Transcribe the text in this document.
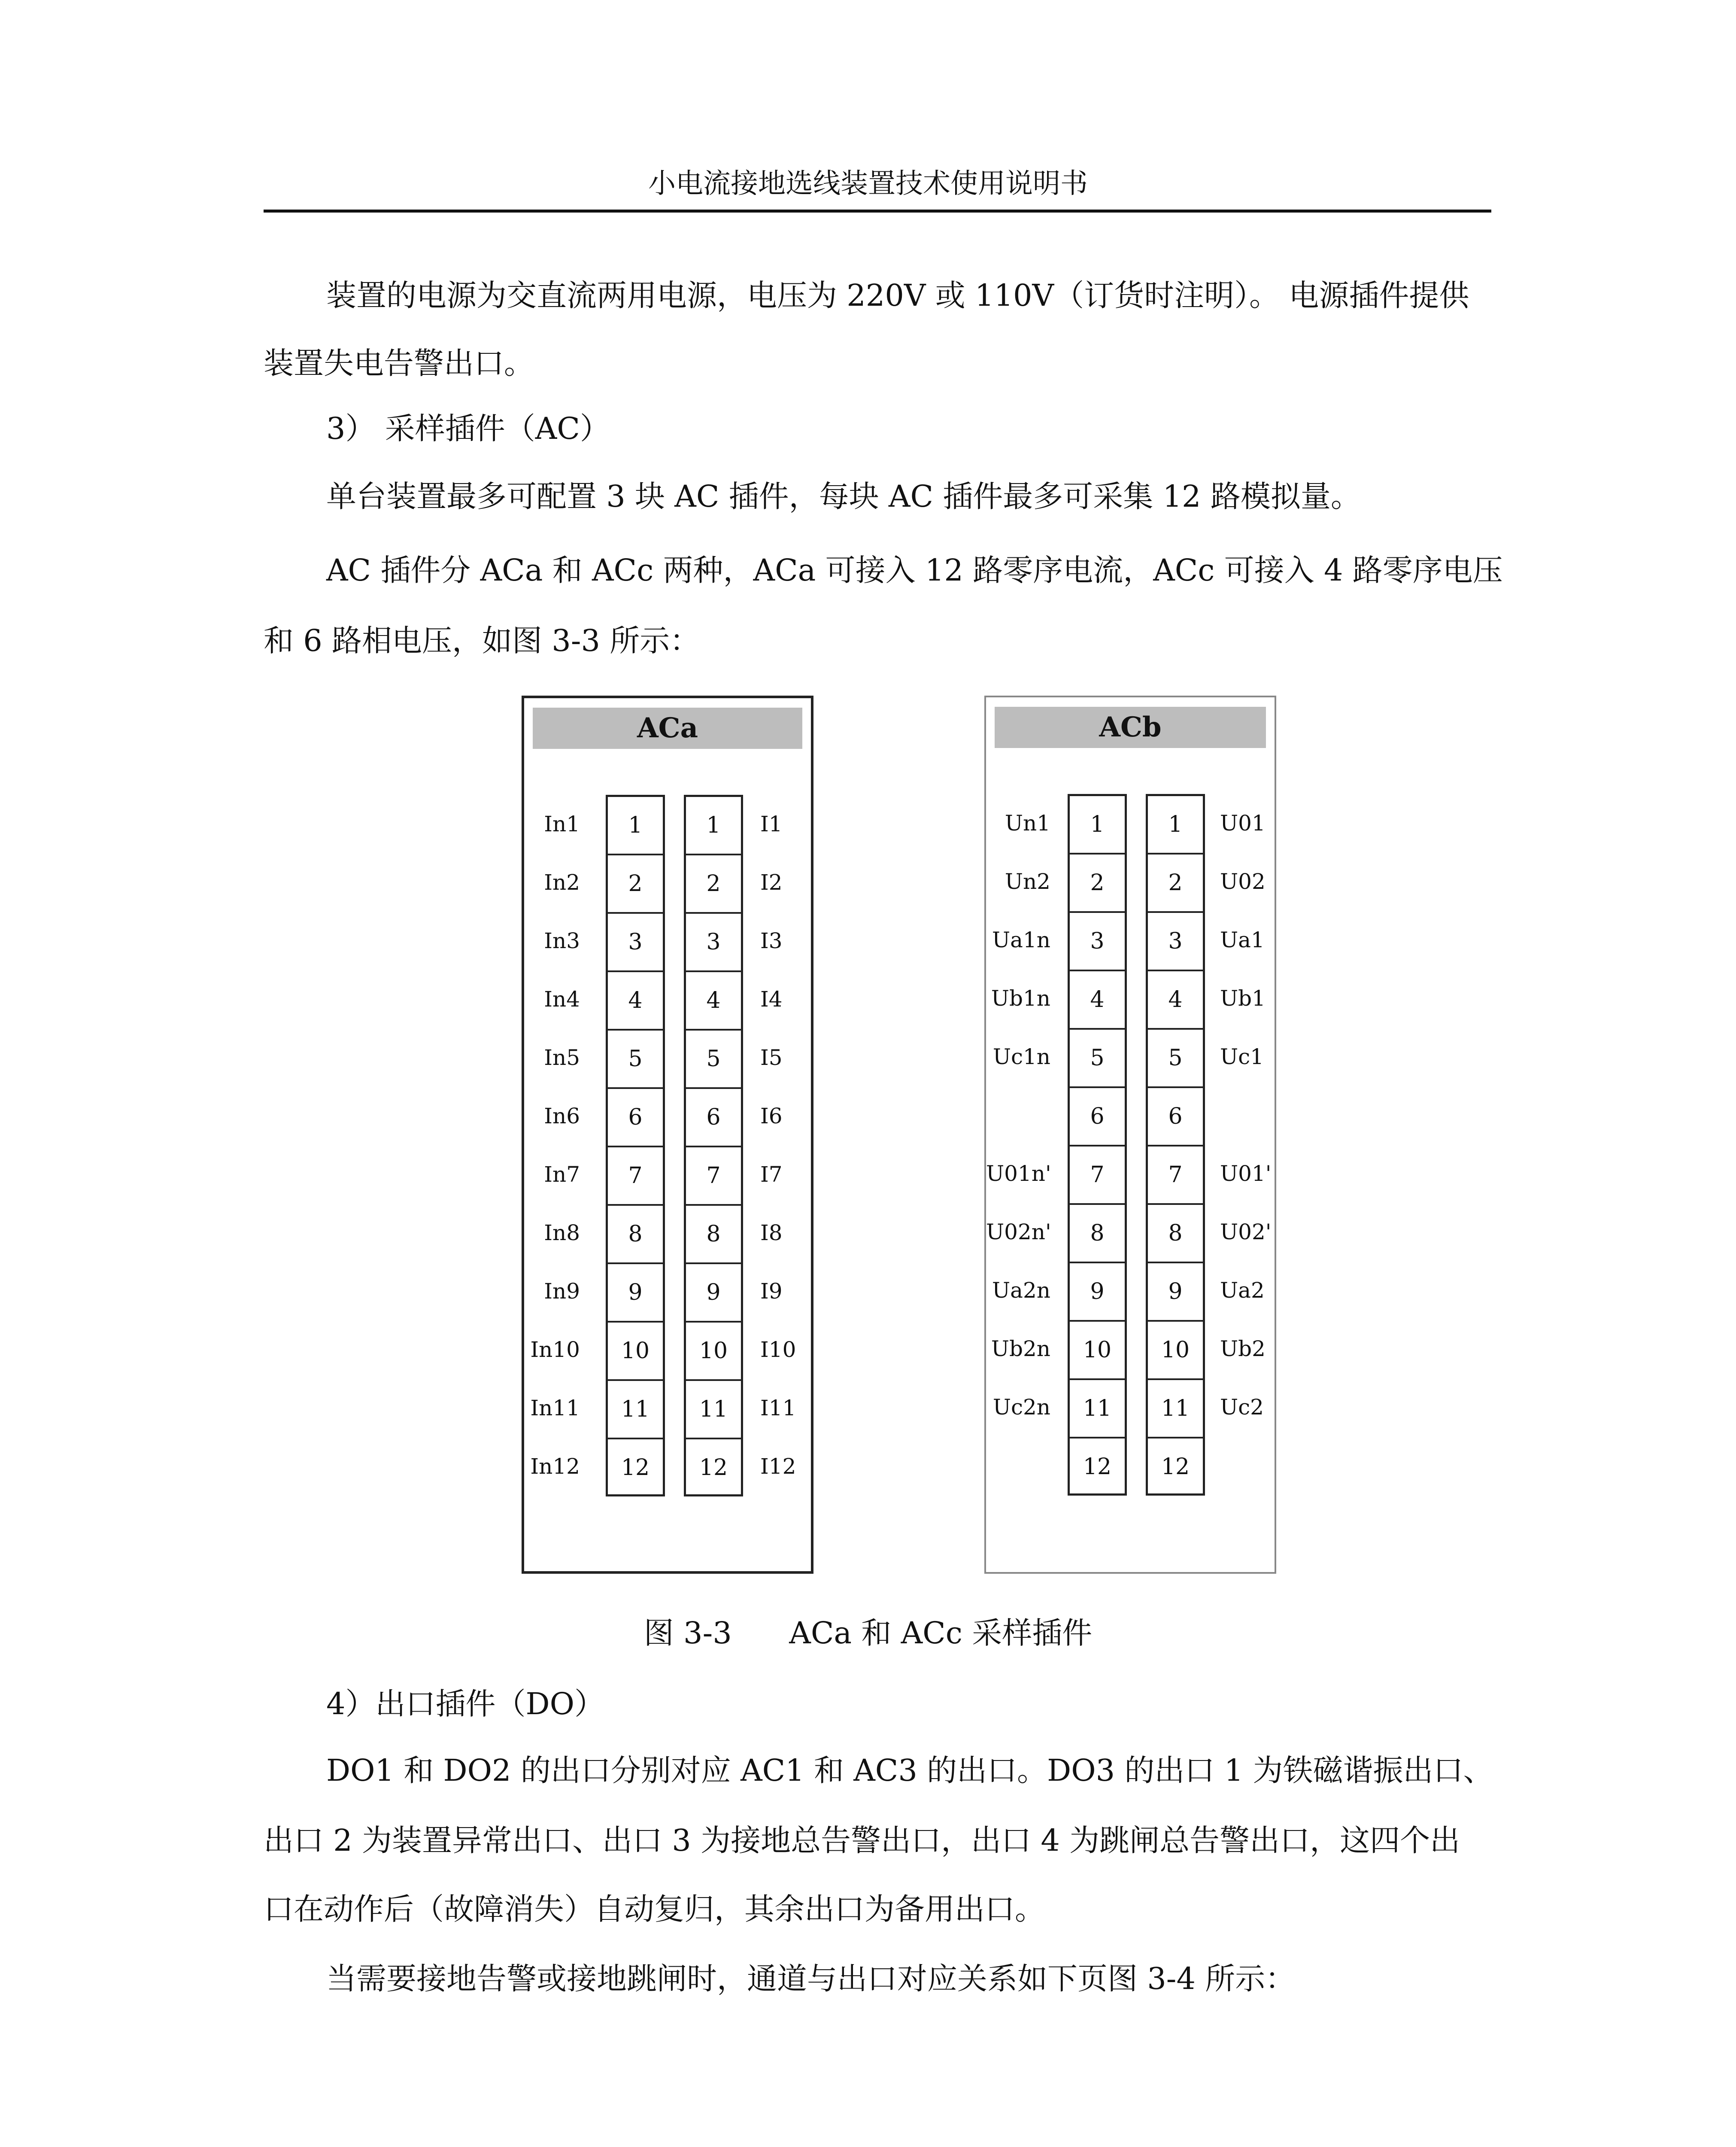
小电流接地选线装置技术使用说明书
装置的电源为交直流两用电源，电压为 220V 或 110V（订货时注明）。 电源插件提供
装置失电告警出口。
3） 采样插件（AC）
单台装置最多可配置 3 块 AC 插件，每块 AC 插件最多可采集 12 路模拟量。
AC 插件分 ACa 和 ACc 两种，ACa 可接入 12 路零序电流，ACc 可接入 4 路零序电压
和 6 路相电压，如图 3-3 所示：
ACa
In1
In2
In3
In4
In5
In6
In7
In8
In9
In10
In11
In12
1
2
3
4
5
6
7
8
9
10
11
12
1
2
3
4
5
6
7
8
9
10
11
12
I1
I2
I3
I4
I5
I6
I7
I8
I9
I10
I11
I12
ACb
Un1
Un2
Ua1n
Ub1n
Uc1n
U01n'
U02n'
Ua2n
Ub2n
Uc2n
1
2
3
4
5
6
7
8
9
10
11
12
1
2
3
4
5
6
7
8
9
10
11
12
U01
U02
Ua1
Ub1
Uc1
U01'
U02'
Ua2
Ub2
Uc2
图 3-3      ACa 和 ACc 采样插件
4）出口插件（DO）
DO1 和 DO2 的出口分别对应 AC1 和 AC3 的出口。DO3 的出口 1 为铁磁谐振出口、
出口 2 为装置异常出口、出口 3 为接地总告警出口，出口 4 为跳闸总告警出口，这四个出
口在动作后（故障消失）自动复归，其余出口为备用出口。
当需要接地告警或接地跳闸时，通道与出口对应关系如下页图 3-4 所示：
